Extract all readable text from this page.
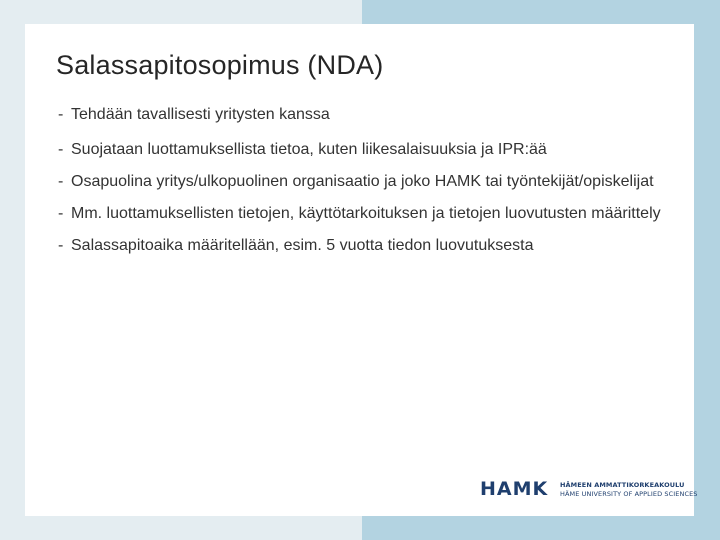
Salassapitosopimus (NDA)
- Tehdään tavallisesti yritysten kanssa
- Suojataan luottamuksellista tietoa, kuten liikesalaisuuksia ja IPR:ää
- Osapuolina yritys/ulkopuolinen organisaatio ja joko HAMK tai työntekijät/opiskelijat
- Mm. luottamuksellisten tietojen, käyttötarkoituksen ja tietojen luovutusten määrittely
- Salassapitoaika määritellään, esim. 5 vuotta tiedon luovutuksesta
HAMK HÄMEEN AMMATTIKORKEAKOULU
HÄME UNIVERSITY OF APPLIED SCIENCES
